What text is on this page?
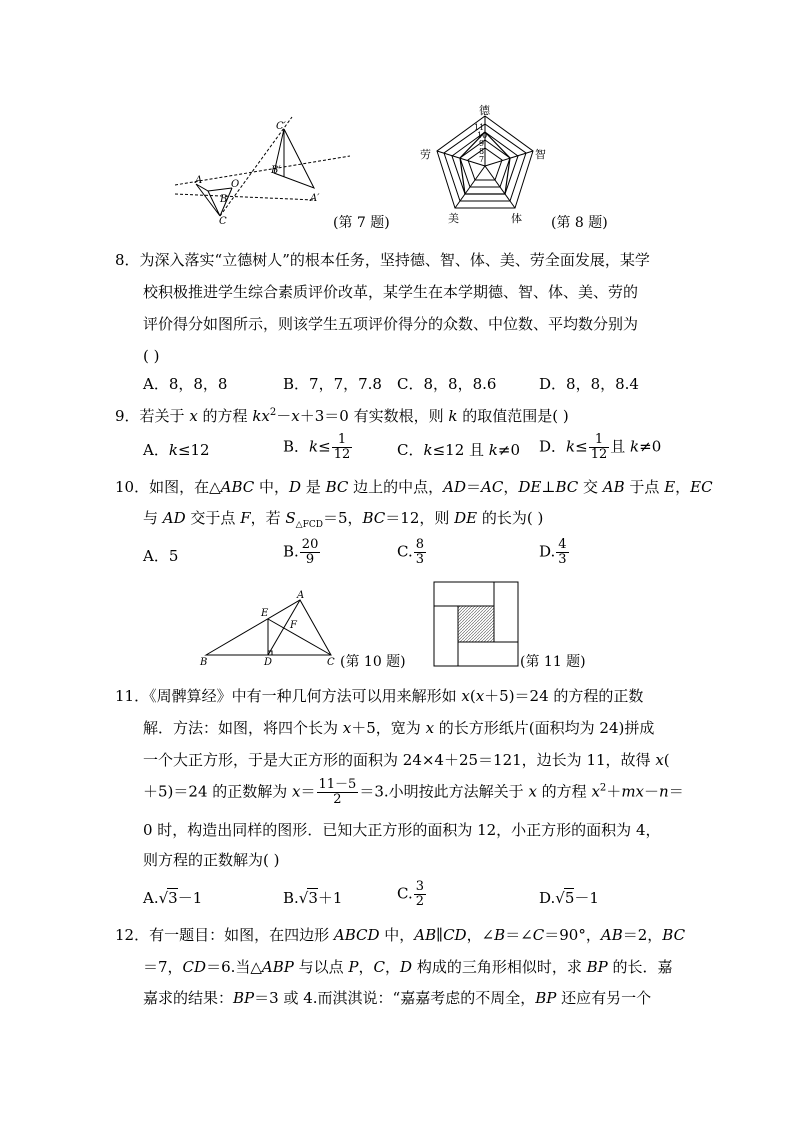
C′
B′
A′
O
A
B
C	(第 7 题)
德
智
体
美
劳
11
10
9
8
7
(第 8 题)
8．为深入落实“立德树人”的根本任务，坚持德、智、体、美、劳全面发展，某学
校积极推进学生综合素质评价改革，某学生在本学期德、智、体、美、劳的
评价得分如图所示，则该学生五项评价得分的众数、中位数、平均数分别为
( )
A．8，8，8	B．7，7，7.8 C．8，8，8.6	D．8，8，8.4
9．若关于 x 的方程 $kx^2-x+3=0$ 有实数根，则 k 的取值范围是( )
A．k≤12	B．$k\le \frac{1}{12}$	C．k≤12 且 k≠0 D．$k\le \frac{1}{12}$ 且 k≠0
10．如图，在△ABC 中，D 是 BC 边上的中点，AD＝AC，DE⊥BC 交 AB 于点 E，EC
与 AD 交于点 F，若 $S_{\triangle FCD}=5$，BC＝12，则 DE 的长为( )
A．5	B. $\frac{20}{9}$	C. $\frac{8}{3}$	D. $\frac{4}{3}$
A
E
F
B	D	C (第 10 题)	(第 11 题)
11．《周髀算经》中有一种几何方法可以用来解形如 x(x＋5)＝24 的方程的正数
解．方法：如图，将四个长为 x＋5，宽为 x 的长方形纸片(面积均为 24)拼成
一个大正方形，于是大正方形的面积为 24×4＋25＝121，边长为 11，故得 x(
＋5)＝24 的正数解为 $x= \frac{11-5}{2} =3$.小明按此方法解关于 x 的方程 $x^2+mx-n=$
0 时，构造出同样的图形．已知大正方形的面积为 12，小正方形的面积为 4，
则方程的正数解为( )
A.√3－1	B.√3＋1	C. $\frac{3}{2}$	D.√5－1
12．有一题目：如图，在四边形 ABCD 中，AB∥CD，∠B＝∠C＝90°，AB＝2，BC
＝7，CD＝6.当△ABP 与以点 P，C，D 构成的三角形相似时，求 BP 的长．嘉
嘉求的结果：BP＝3 或 4.而淇淇说：“嘉嘉考虑的不周全，BP 还应有另一个
